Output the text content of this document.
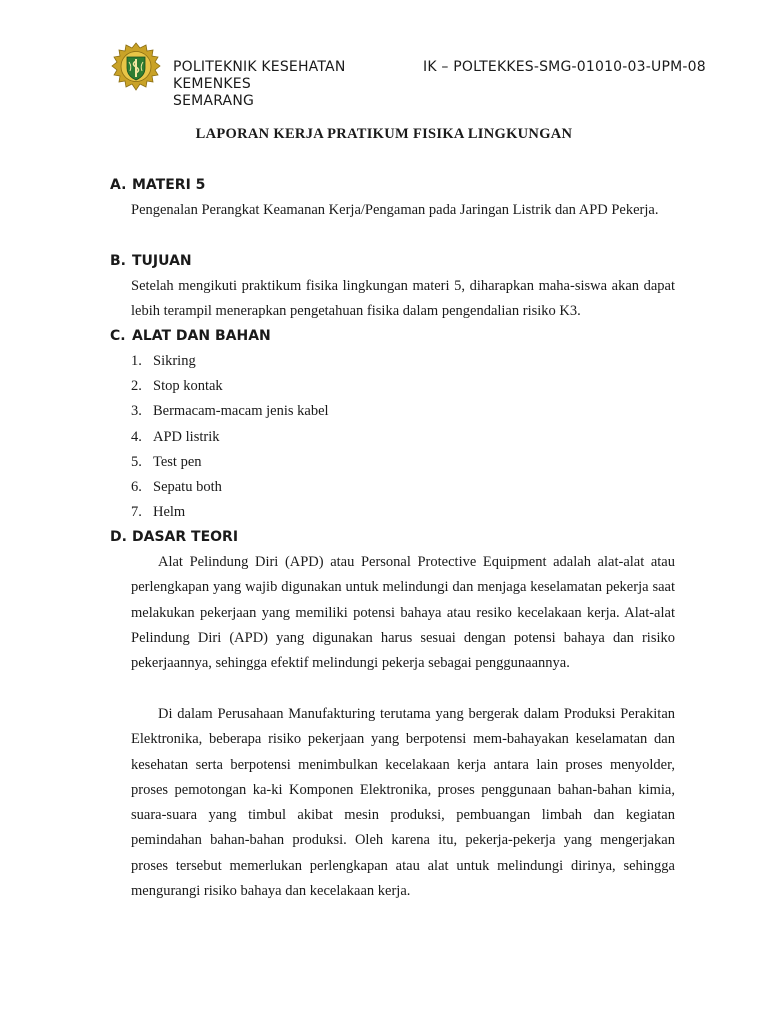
POLITEKNIK KESEHATAN
KEMENKES
SEMARANG
IK – POLTEKKES-SMG-01010-03-UPM-08
LAPORAN KERJA PRATIKUM FISIKA LINGKUNGAN
A. MATERI 5
Pengenalan Perangkat Keamanan Kerja/Pengaman pada Jaringan Listrik dan APD Pekerja.
B. TUJUAN
Setelah mengikuti praktikum fisika lingkungan materi 5, diharapkan maha-siswa akan dapat lebih terampil menerapkan pengetahuan fisika dalam pengendalian risiko K3.
C. ALAT DAN BAHAN
1. Sikring
2. Stop kontak
3. Bermacam-macam jenis kabel
4. APD listrik
5. Test pen
6. Sepatu both
7. Helm
D. DASAR TEORI
Alat Pelindung Diri (APD) atau Personal Protective Equipment adalah alat-alat atau perlengkapan yang wajib digunakan untuk melindungi dan menjaga keselamatan pekerja saat melakukan pekerjaan yang memiliki potensi bahaya atau resiko kecelakaan kerja. Alat-alat Pelindung Diri (APD) yang digunakan harus sesuai dengan potensi bahaya dan risiko pekerjaannya, sehingga efektif melindungi pekerja sebagai penggunaannya.
Di dalam Perusahaan Manufakturing terutama yang bergerak dalam Produksi Perakitan Elektronika, beberapa risiko pekerjaan yang berpotensi mem-bahayakan keselamatan dan kesehatan serta berpotensi menimbulkan kecelakaan kerja antara lain proses menyolder, proses pemotongan ka-ki Komponen Elektronika, proses penggunaan bahan-bahan kimia, suara-suara yang timbul akibat mesin produksi, pembuangan limbah dan kegiatan pemindahan bahan-bahan produksi. Oleh karena itu, pekerja-pekerja yang mengerjakan proses tersebut memerlukan perlengkapan atau alat untuk melindungi dirinya, sehingga mengurangi risiko bahaya dan kecelakaan kerja.
